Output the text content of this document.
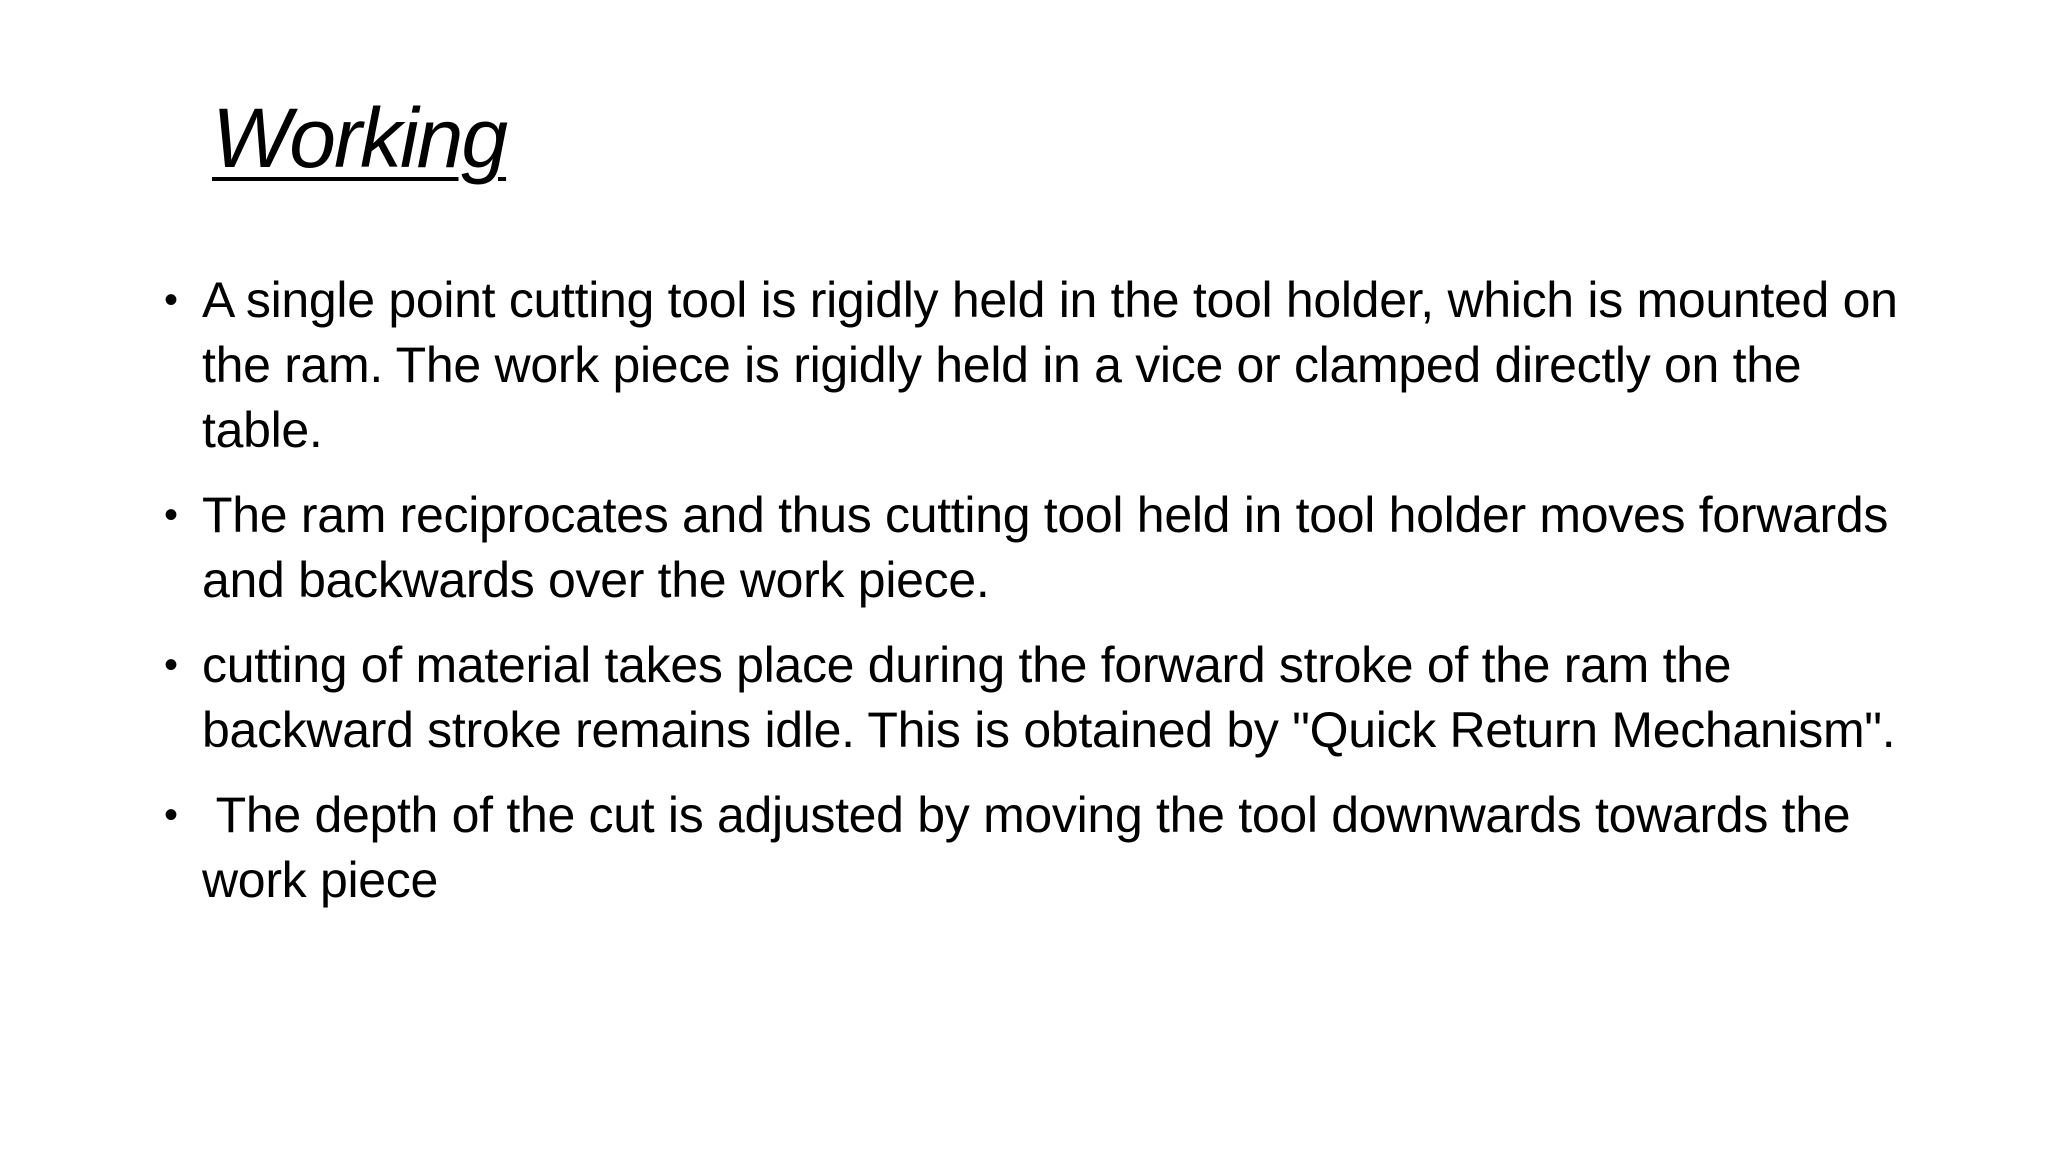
Working
• A single point cutting tool is rigidly held in the tool holder, which is mounted on the ram. The work piece is rigidly held in a vice or clamped directly on the table.
• The ram reciprocates and thus cutting tool held in tool holder moves forwards and backwards over the work piece.
• cutting of material takes place during the forward stroke of the ram the backward stroke remains idle. This is obtained by "Quick Return Mechanism".
• The depth of the cut is adjusted by moving the tool downwards towards the work piece
